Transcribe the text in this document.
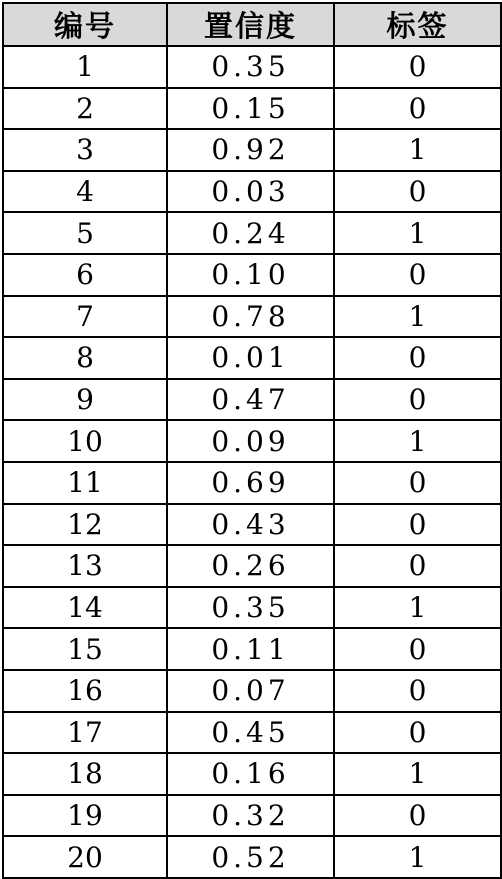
编号	置信度	标签
1	0.35	0
2	0.15	0
3	0.92	1
4	0.03	0
5	0.24	1
6	0.10	0
7	0.78	1
8	0.01	0
9	0.47	0
10	0.09	1
11	0.69	0
12	0.43	0
13	0.26	0
14	0.35	1
15	0.11	0
16	0.07	0
17	0.45	0
18	0.16	1
19	0.32	0
20	0.52	1
